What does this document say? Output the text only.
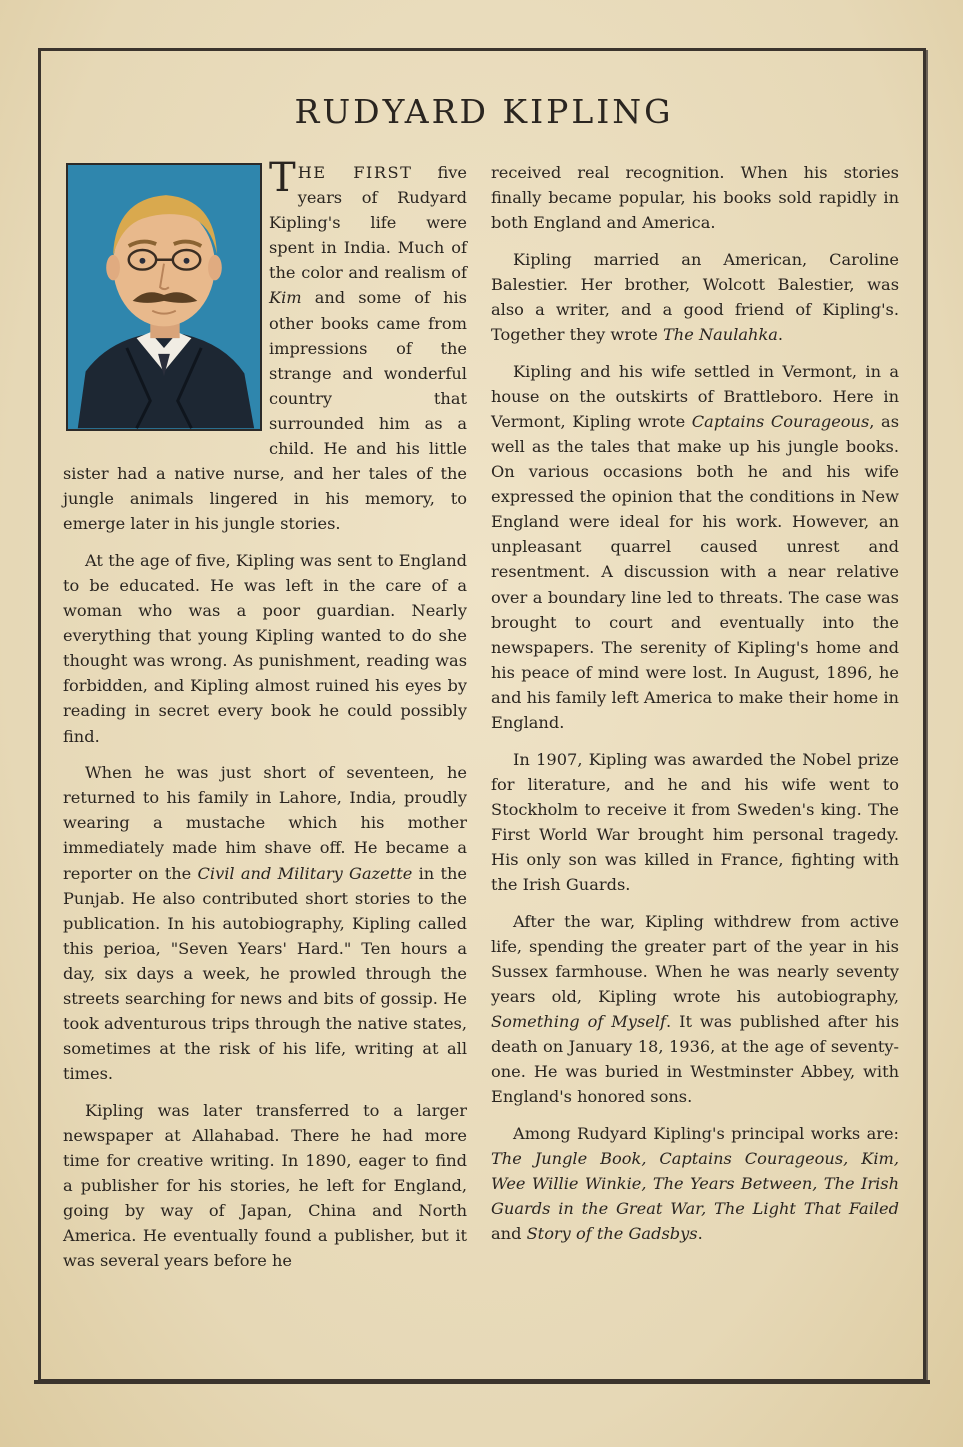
RUDYARD KIPLING

T HE FIRST five years of Rudyard Kipling's life were spent in India. Much of the color and realism of Kim and some of his other books came from impressions of the strange and wonderful country that surrounded him as a child. He and his little sister had a native nurse, and her tales of the jungle animals lingered in his memory, to emerge later in his jungle stories.

At the age of five, Kipling was sent to England to be educated. He was left in the care of a woman who was a poor guardian. Nearly everything that young Kipling wanted to do she thought was wrong. As punishment, reading was forbidden, and Kipling almost ruined his eyes by reading in secret every book he could possibly find.

When he was just short of seventeen, he returned to his family in Lahore, India, proudly wearing a mustache which his mother immediately made him shave off. He became a reporter on the Civil and Military Gazette in the Punjab. He also contributed short stories to the publication. In his autobiography, Kipling called this perioa, "Seven Years' Hard." Ten hours a day, six days a week, he prowled through the streets searching for news and bits of gossip. He took adventurous trips through the native states, sometimes at the risk of his life, writing at all times.

Kipling was later transferred to a larger newspaper at Allahabad. There he had more time for creative writing. In 1890, eager to find a publisher for his stories, he left for England, going by way of Japan, China and North America. He eventually found a publisher, but it was several years before he

received real recognition. When his stories finally became popular, his books sold rapidly in both England and America.

Kipling married an American, Caroline Balestier. Her brother, Wolcott Balestier, was also a writer, and a good friend of Kipling's. Together they wrote The Naulahka.

Kipling and his wife settled in Vermont, in a house on the outskirts of Brattleboro. Here in Vermont, Kipling wrote Captains Courageous, as well as the tales that make up his jungle books. On various occasions both he and his wife expressed the opinion that the conditions in New England were ideal for his work. However, an unpleasant quarrel caused unrest and resentment. A discussion with a near relative over a boundary line led to threats. The case was brought to court and eventually into the newspapers. The serenity of Kipling's home and his peace of mind were lost. In August, 1896, he and his family left America to make their home in England.

In 1907, Kipling was awarded the Nobel prize for literature, and he and his wife went to Stockholm to receive it from Sweden's king. The First World War brought him personal tragedy. His only son was killed in France, fighting with the Irish Guards.

After the war, Kipling withdrew from active life, spending the greater part of the year in his Sussex farmhouse. When he was nearly seventy years old, Kipling wrote his autobiography, Something of Myself. It was published after his death on January 18, 1936, at the age of seventy-one. He was buried in Westminster Abbey, with England's honored sons.

Among Rudyard Kipling's principal works are: The Jungle Book, Captains Courageous, Kim, Wee Willie Winkie, The Years Between, The Irish Guards in the Great War, The Light That Failed and Story of the Gadsbys.
